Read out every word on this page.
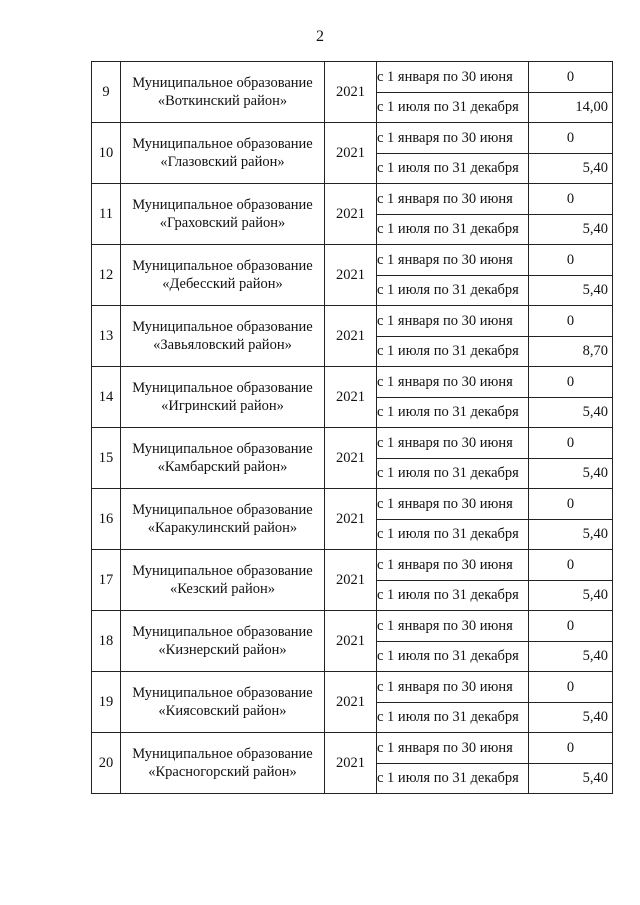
2
9	Муниципальное образование
«Воткинский район»	2021	с 1 января по 30 июня	0
			с 1 июля по 31 декабря	14,00
10	Муниципальное образование
«Глазовский район»	2021	с 1 января по 30 июня	0
			с 1 июля по 31 декабря	5,40
11	Муниципальное образование
«Граховский район»	2021	с 1 января по 30 июня	0
			с 1 июля по 31 декабря	5,40
12	Муниципальное образование
«Дебесский район»	2021	с 1 января по 30 июня	0
			с 1 июля по 31 декабря	5,40
13	Муниципальное образование
«Завьяловский район»	2021	с 1 января по 30 июня	0
			с 1 июля по 31 декабря	8,70
14	Муниципальное образование
«Игринский район»	2021	с 1 января по 30 июня	0
			с 1 июля по 31 декабря	5,40
15	Муниципальное образование
«Камбарский район»	2021	с 1 января по 30 июня	0
			с 1 июля по 31 декабря	5,40
16	Муниципальное образование
«Каракулинский район»	2021	с 1 января по 30 июня	0
			с 1 июля по 31 декабря	5,40
17	Муниципальное образование
«Кезский район»	2021	с 1 января по 30 июня	0
			с 1 июля по 31 декабря	5,40
18	Муниципальное образование
«Кизнерский район»	2021	с 1 января по 30 июня	0
			с 1 июля по 31 декабря	5,40
19	Муниципальное образование
«Киясовский район»	2021	с 1 января по 30 июня	0
			с 1 июля по 31 декабря	5,40
20	Муниципальное образование
«Красногорский район»	2021	с 1 января по 30 июня	0
			с 1 июля по 31 декабря	5,40
